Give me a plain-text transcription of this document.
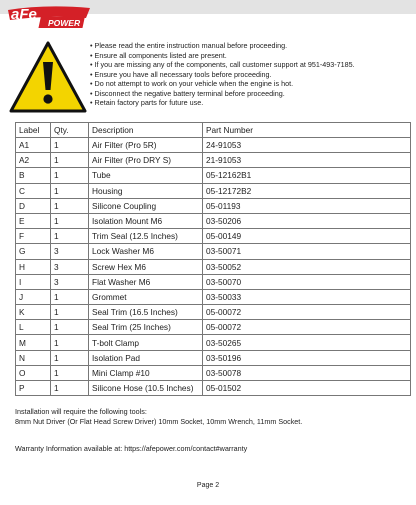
aFe POWER
• Please read the entire instruction manual before proceeding.
• Ensure all components listed are present.
• If you are missing any of the components, call customer support at 951-493-7185.
• Ensure you have all necessary tools before proceeding.
• Do not attempt to work on your vehicle when the engine is hot.
• Disconnect the negative battery terminal before proceeding.
• Retain factory parts for future use.
Label	Qty.	Description	Part Number
A1	1	Air Filter (Pro 5R)	24-91053
A2	1	Air Filter (Pro DRY S)	21-91053
B	1	Tube	05-12162B1
C	1	Housing	05-12172B2
D	1	Silicone Coupling	05-01193
E	1	Isolation Mount M6	03-50206
F	1	Trim Seal (12.5 Inches)	05-00149
G	3	Lock Washer M6	03-50071
H	3	Screw Hex M6	03-50052
I	3	Flat Washer M6	03-50070
J	1	Grommet	03-50033
K	1	Seal Trim (16.5 Inches)	05-00072
L	1	Seal Trim (25 Inches)	05-00072
M	1	T-bolt Clamp	03-50265
N	1	Isolation Pad	03-50196
O	1	Mini Clamp #10	03-50078
P	1	Silicone Hose (10.5 Inches)	05-01502
Installation will require the following tools:
8mm Nut Driver (Or Flat Head Screw Driver) 10mm Socket, 10mm Wrench, 11mm Socket.
Warranty Information available at: https://afepower.com/contact#warranty
Page 2
